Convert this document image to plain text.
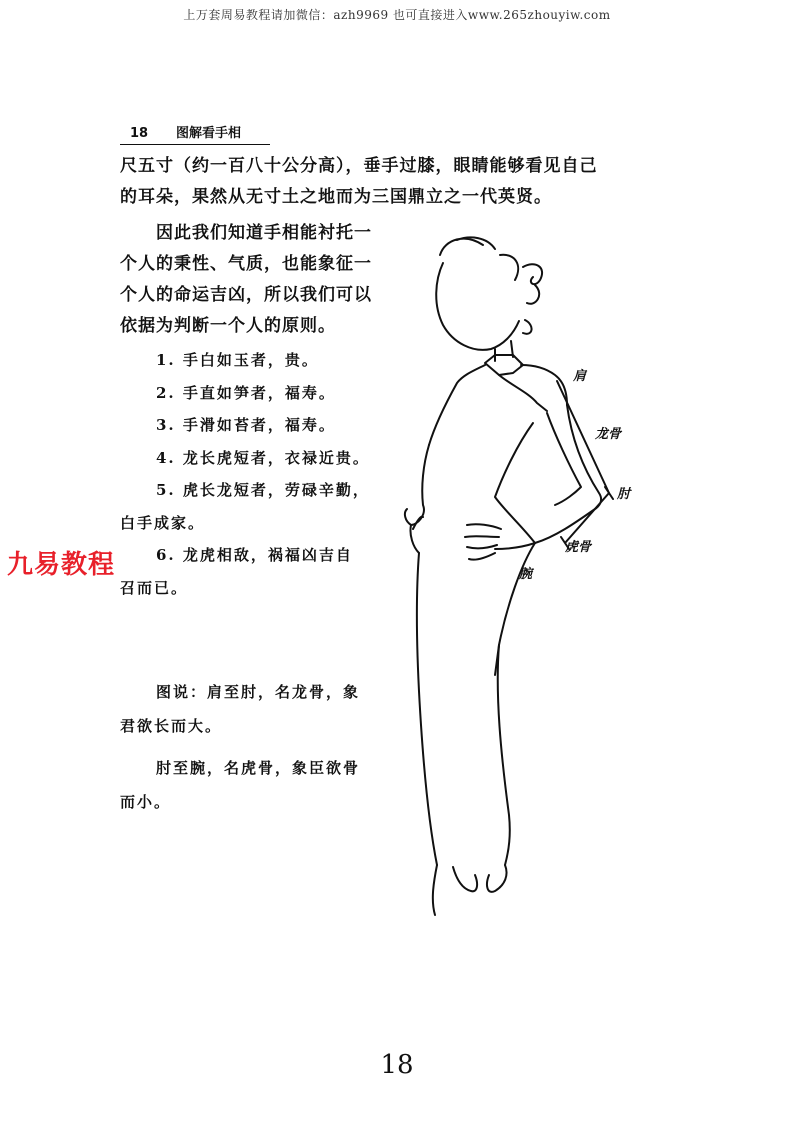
上万套周易教程请加微信：azh9969 也可直接进入www.265zhouyiw.com
18 图解看手相
尺五寸（约一百八十公分高），垂手过膝，眼睛能够看见自己
的耳朵，果然从无寸土之地而为三国鼎立之一代英贤。
因此我们知道手相能衬托一
个人的秉性、气质，也能象征一
个人的命运吉凶，所以我们可以
依据为判断一个人的原则。
1. 手白如玉者，贵。
2. 手直如笋者，福寿。
3. 手滑如苔者，福寿。
4. 龙长虎短者，衣禄近贵。
5. 虎长龙短者，劳碌辛勤，
白手成家。
6. 龙虎相敌，祸福凶吉自
召而已。
图说：肩至肘，名龙骨，象
君欲长而大。
肘至腕，名虎骨，象臣欲骨
而小。
九易教程
肩
龙骨
肘
虎骨
腕
18
